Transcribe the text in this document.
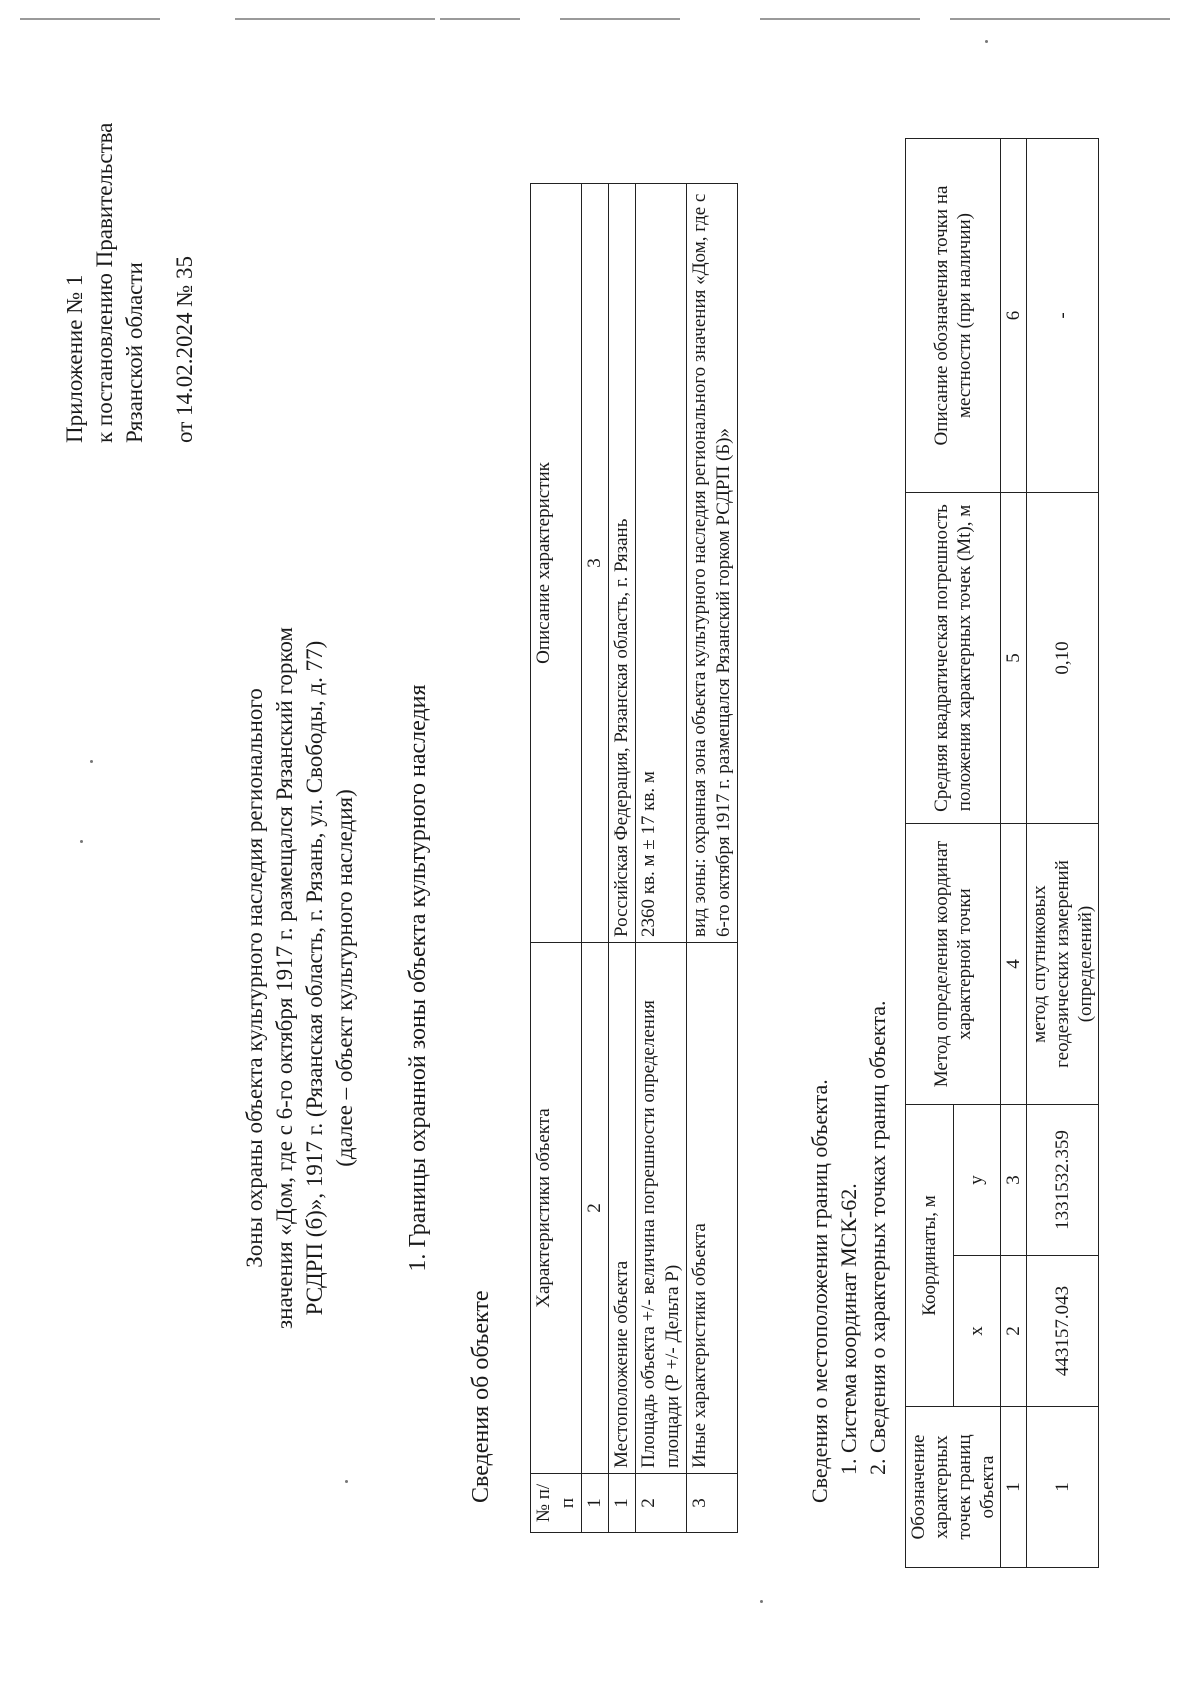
Приложение № 1 к постановлению Правительства Рязанской области от 14.02.2024 № 35
Зоны охраны объекта культурного наследия регионального значения «Дом, где с 6-го октября 1917 г. размещался Рязанский горком РСДРП (б)», 1917 г. (Рязанская область, г. Рязань, ул. Свободы, д. 77) (далее – объект культурного наследия) 1. Границы охранной зоны объекта культурного наследия
Сведения об объекте
№ п/п	Характеристики объекта	Описание характеристик
1	2	3
1	Местоположение объекта	Российская Федерация, Рязанская область, г. Рязань
2	Площадь объекта +/- величина погрешности определения площади (Р +/- Дельта Р)	2360 кв. м ± 17 кв. м
3	Иные характеристики объекта	вид зоны: охранная зона объекта культурного наследия регионального значения «Дом, где с 6-го октября 1917 г. размещался Рязанский горком РСДРП (Б)»
Сведения о местоположении границ объекта. 1. Система координат МСК-62. 2. Сведения о характерных точках границ объекта.
Обозначение характерных точек границ объекта	Координаты, м		Метод определения координат характерной точки	Средняя квадратическая погрешность положения характерных точек (Mt), м	Описание обозначения точки на местности (при наличии)
	x	y			
1	2	3	4	5	6
1	443157.043	1331532.359	метод спутниковых геодезических измерений (определений)	0,10	-
